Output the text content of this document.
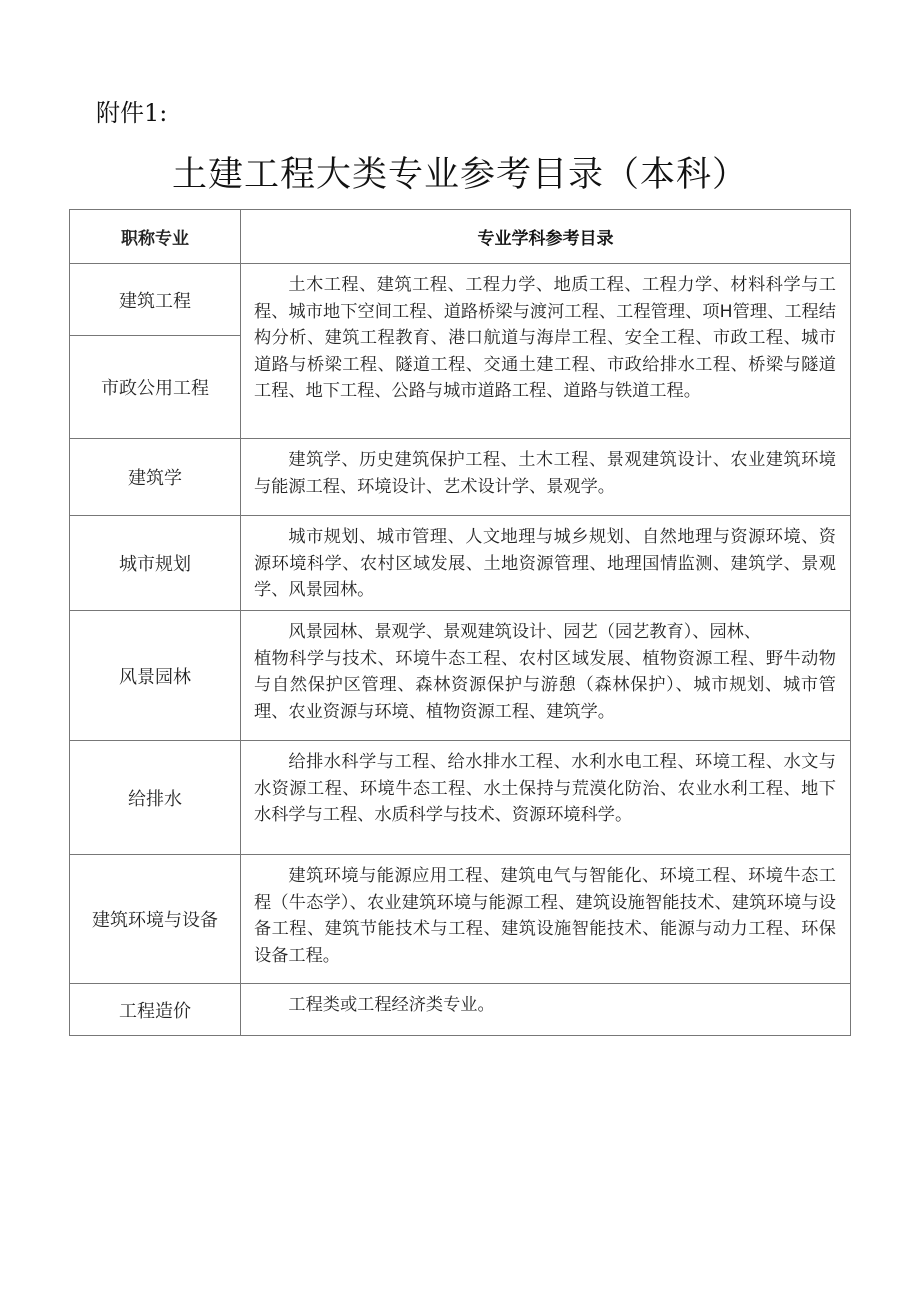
附件1:
土建工程大类专业参考目录（本科）
职称专业	专业学科参考目录
建筑工程	土木工程、建筑工程、工程力学、地质工程、工程力学、材料科学与工程、城市地下空间工程、道路桥梁与渡河工程、工程管理、项H管理、工程结构分析、建筑工程教育、港口航道与海岸工程、安全工程、市政工程、城市道路与桥梁工程、隧道工程、交通土建工程、市政给排水工程、桥梁与隧道工程、地下工程、公路与城市道路工程、道路与铁道工程。
市政公用工程	
建筑学	建筑学、历史建筑保护工程、土木工程、景观建筑设计、农业建筑环境与能源工程、环境设计、艺术设计学、景观学。
城市规划	城市规划、城市管理、人文地理与城乡规划、自然地理与资源环境、资源环境科学、农村区域发展、土地资源管理、地理国情监测、建筑学、景观学、风景园林。
风景园林	风景园林、景观学、景观建筑设计、园艺（园艺教育）、园林、
植物科学与技术、环境牛态工程、农村区域发展、植物资源工程、野牛动物与自然保护区管理、森林资源保护与游憩（森林保护）、城市规划、城市管理、农业资源与环境、植物资源工程、建筑学。

给排水	给排水科学与工程、给水排水工程、水利水电工程、环境工程、水文与水资源工程、环境牛态工程、水土保持与荒漠化防治、农业水利工程、地下水科学与工程、水质科学与技术、资源环境科学。
建筑环境与设备	建筑环境与能源应用工程、建筑电气与智能化、环境工程、环境牛态工程（牛态学）、农业建筑环境与能源工程、建筑设施智能技术、建筑环境与设备工程、建筑节能技术与工程、建筑设施智能技术、能源与动力工程、环保设备工程。
工程造价	工程类或工程经济类专业。
